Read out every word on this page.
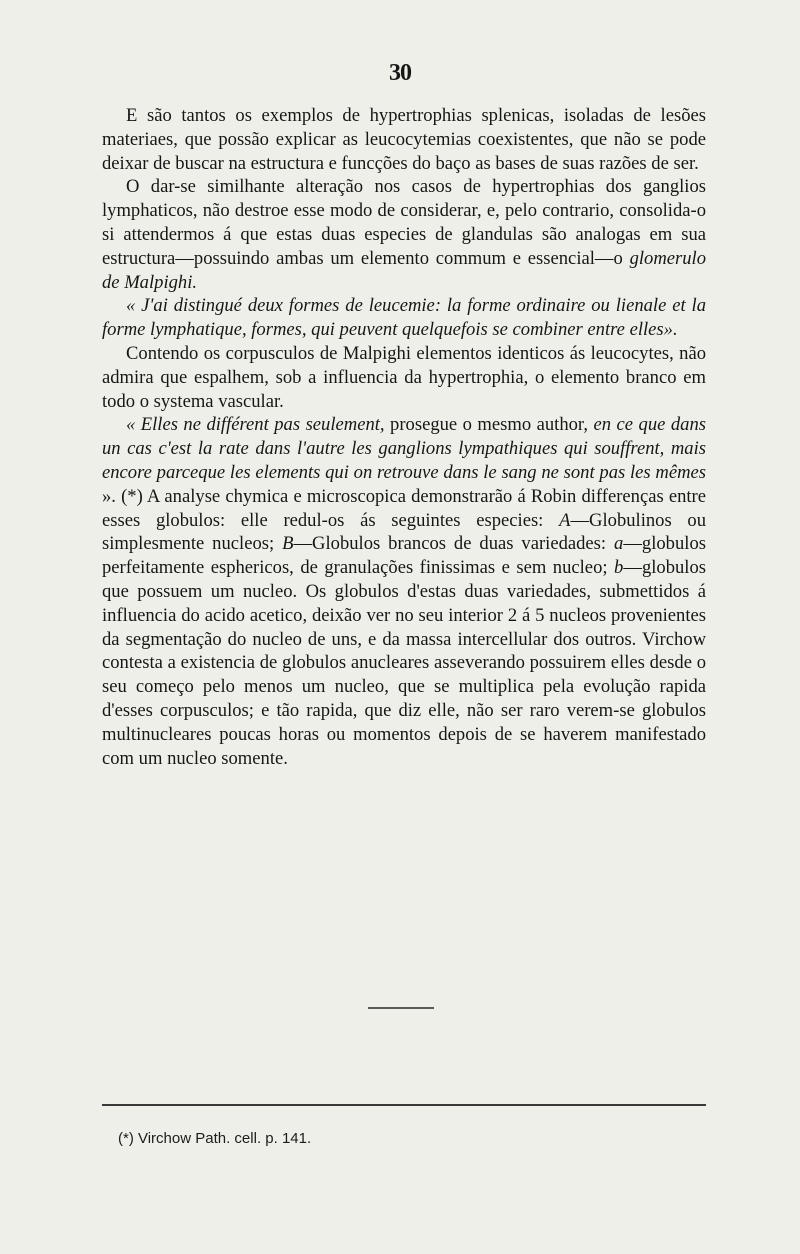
30

E são tantos os exemplos de hypertrophias splenicas, isoladas de lesões materiaes, que possão explicar as leucocytemias coexistentes, que não se pode deixar de buscar na estructura e funcções do baço as bases de suas razões de ser.

O dar-se similhante alteração nos casos de hypertrophias dos ganglios lymphaticos, não destroe esse modo de considerar, e, pelo contrario, consolida-o si attendermos á que estas duas especies de glandulas são analogas em sua estructura—possuindo ambas um elemento commum e essencial—o glomerulo de Malpighi.

« J'ai distingué deux formes de leucemie: la forme ordinaire ou lienale et la forme lymphatique, formes, qui peuvent quelquefois se combiner entre elles».

Contendo os corpusculos de Malpighi elementos identicos ás leucocytes, não admira que espalhem, sob a influencia da hypertrophia, o elemento branco em todo o systema vascular.

« Elles ne différent pas seulement, prosegue o mesmo author, en ce que dans un cas c'est la rate dans l'autre les ganglions lympathiques qui souffrent, mais encore parceque les elements qui on retrouve dans le sang ne sont pas les mêmes ». (*) A analyse chymica e microscopica demonstrarão á Robin differenças entre esses globulos: elle redul-os ás seguintes especies: A—Globulinos ou simplesmente nucleos; B—Globulos brancos de duas variedades: a—globulos perfeitamente esphericos, de granulações finissimas e sem nucleo; b—globulos que possuem um nucleo. Os globulos d'estas duas variedades, submettidos á influencia do acido acetico, deixão ver no seu interior 2 á 5 nucleos provenientes da segmentação do nucleo de uns, e da massa intercellular dos outros. Virchow contesta a existencia de globulos anucleares asseverando possuirem elles desde o seu começo pelo menos um nucleo, que se multiplica pela evolução rapida d'esses corpusculos; e tão rapida, que diz elle, não ser raro verem-se globulos multinucleares poucas horas ou momentos depois de se haverem manifestado com um nucleo somente.

(*) Virchow Path. cell. p. 141.
